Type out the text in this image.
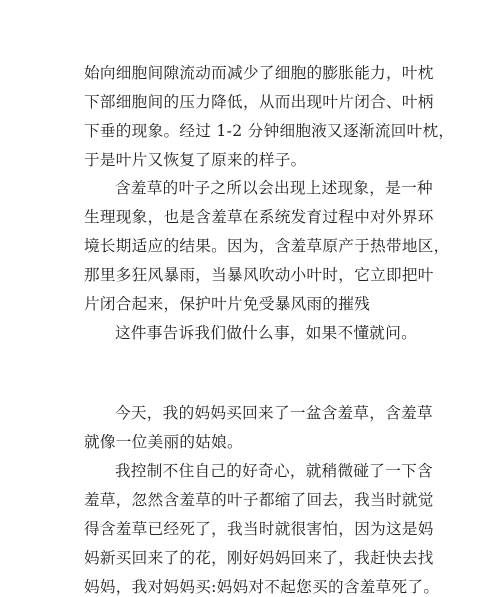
始向细胞间隙流动而减少了细胞的膨胀能力，叶枕
下部细胞间的压力降低，从而出现叶片闭合、叶柄
下垂的现象。经过 1-2 分钟细胞液又逐渐流回叶枕，
于是叶片又恢复了原来的样子。
含羞草的叶子之所以会出现上述现象，是一种
生理现象，也是含羞草在系统发育过程中对外界环
境长期适应的结果。因为，含羞草原产于热带地区，
那里多狂风暴雨，当暴风吹动小叶时，它立即把叶
片闭合起来，保护叶片免受暴风雨的摧残
这件事告诉我们做什么事，如果不懂就问。
今天，我的妈妈买回来了一盆含羞草，含羞草
就像一位美丽的姑娘。
我控制不住自己的好奇心，就稍微碰了一下含
羞草，忽然含羞草的叶子都缩了回去，我当时就觉
得含羞草已经死了，我当时就很害怕，因为这是妈
妈新买回来了的花，刚好妈妈回来了，我赶快去找
妈妈，我对妈妈买:妈妈对不起您买的含羞草死了。
